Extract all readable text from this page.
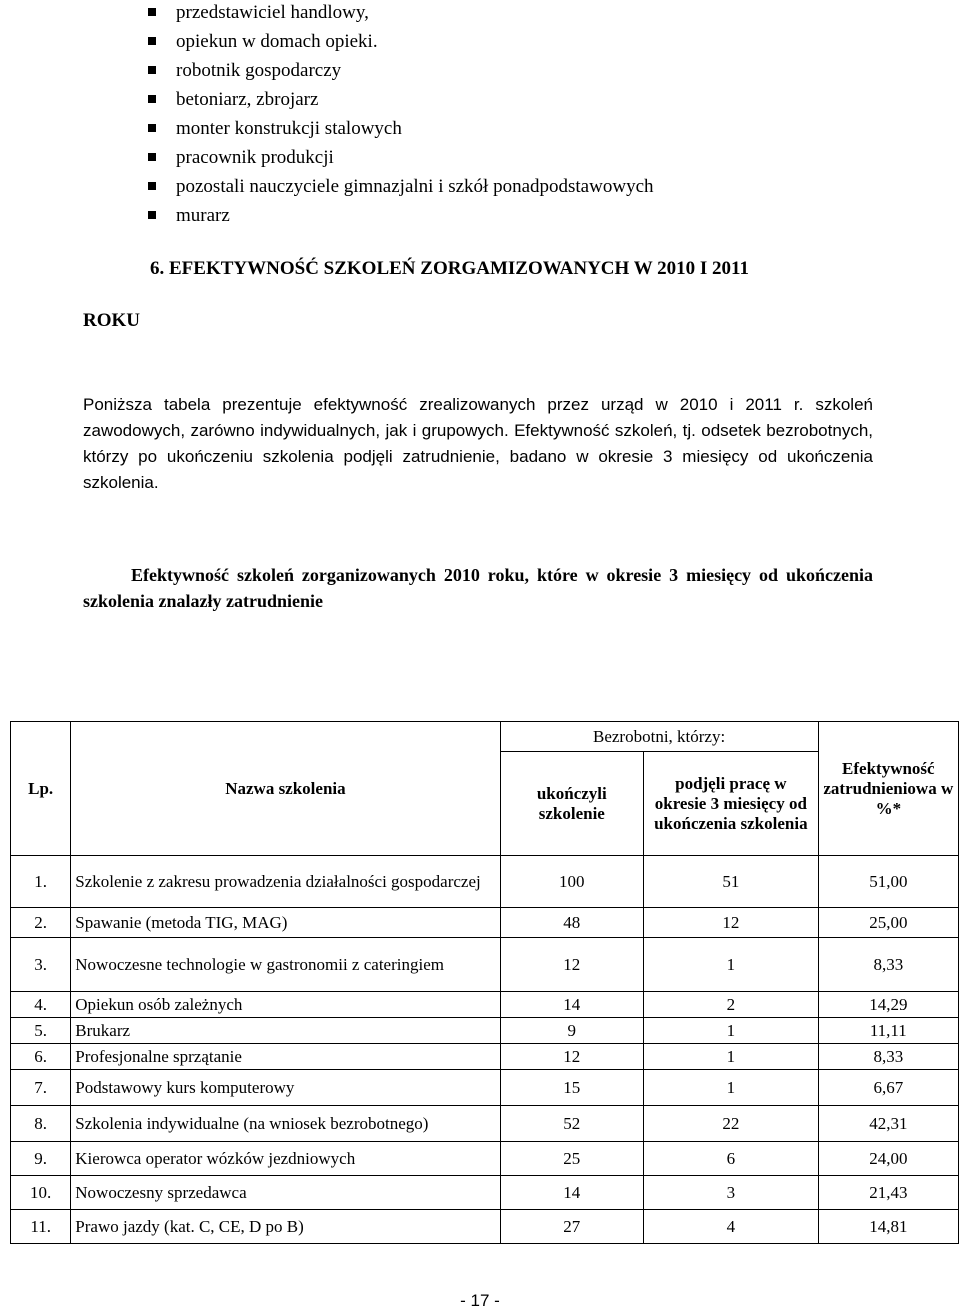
przedstawiciel handlowy,
opiekun w domach opieki.
robotnik gospodarczy
betoniarz, zbrojarz
monter konstrukcji stalowych
pracownik produkcji
pozostali nauczyciele gimnazjalni i szkół ponadpodstawowych
murarz
6. EFEKTYWNOŚĆ SZKOLEŃ ZORGAMIZOWANYCH W 2010 I 2011
ROKU
Poniższa tabela prezentuje efektywność zrealizowanych przez urząd w 2010 i 2011 r. szkoleń zawodowych, zarówno indywidualnych, jak i grupowych. Efektywność szkoleń, tj. odsetek bezrobotnych, którzy po ukończeniu szkolenia podjęli zatrudnienie, badano w okresie 3 miesięcy od ukończenia szkolenia.
Efektywność szkoleń zorganizowanych 2010 roku, które w okresie 3 miesięcy od ukończenia szkolenia znalazły zatrudnienie
Lp.	Nazwa szkolenia	Bezrobotni, którzy:		Efektywność zatrudnieniowa w %*
		ukończyli szkolenie	podjęli pracę w okresie 3 miesięcy od ukończenia szkolenia	
1.	Szkolenie z zakresu prowadzenia działalności gospodarczej	100	51	51,00
2.	Spawanie (metoda TIG, MAG)	48	12	25,00
3.	Nowoczesne technologie w gastronomii z cateringiem	12	1	8,33
4.	Opiekun osób zależnych	14	2	14,29
5.	Brukarz	9	1	11,11
6.	Profesjonalne sprzątanie	12	1	8,33
7.	Podstawowy kurs komputerowy	15	1	6,67
8.	Szkolenia indywidualne (na wniosek bezrobotnego)	52	22	42,31
9.	Kierowca operator wózków jezdniowych	25	6	24,00
10.	Nowoczesny sprzedawca	14	3	21,43
11.	Prawo jazdy (kat. C, CE, D po B)	27	4	14,81
- 17 -
